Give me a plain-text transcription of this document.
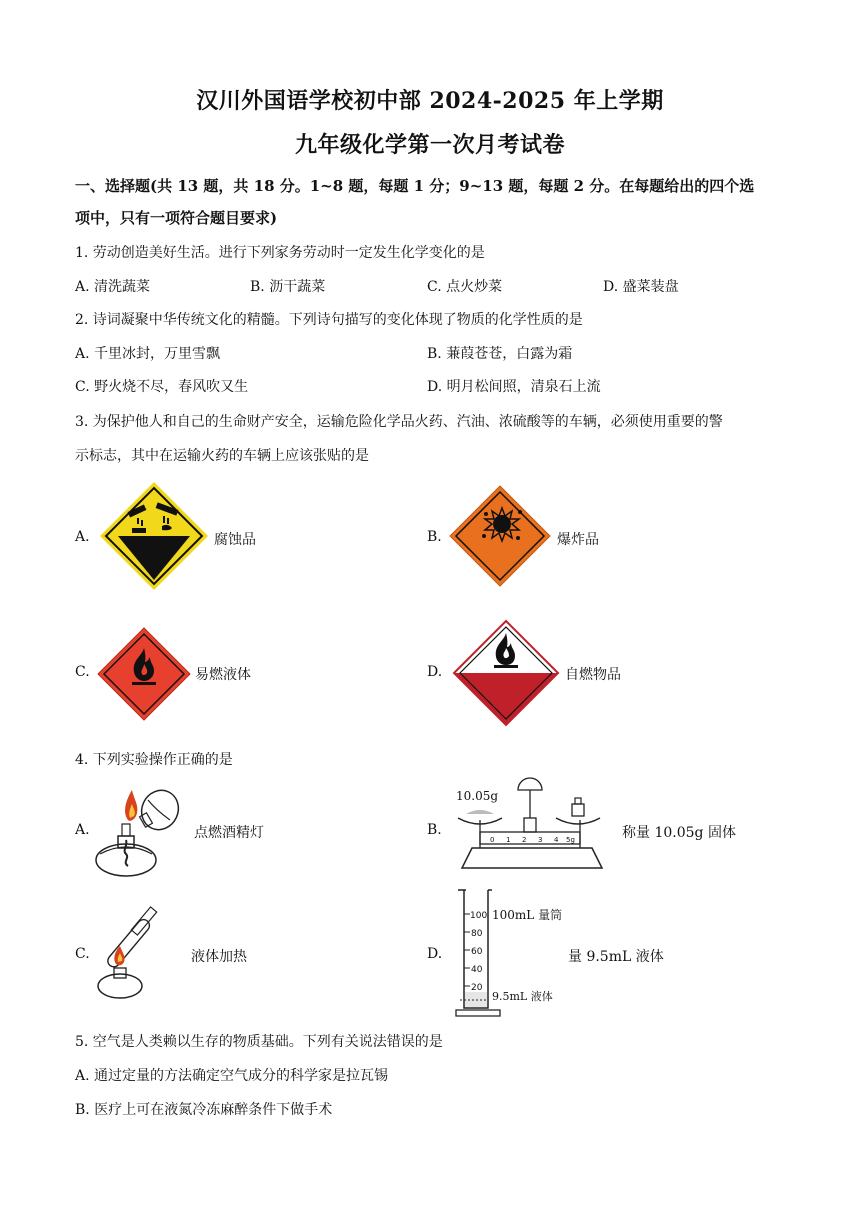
汉川外国语学校初中部 2024-2025 年上学期
九年级化学第一次月考试卷
一、选择题(共 13 题，共 18 分。1~8 题，每题 1 分；9~13 题，每题 2 分。在每题给出的四个选
项中，只有一项符合题目要求)
1. 劳动创造美好生活。进行下列家务劳动时一定发生化学变化的是
A. 清洗蔬菜	B. 沥干蔬菜	C. 点火炒菜	D. 盛菜装盘
2. 诗词凝聚中华传统文化的精髓。下列诗句描写的变化体现了物质的化学性质的是
A. 千里冰封，万里雪飘	B. 蒹葭苍苍，白露为霜
C. 野火烧不尽，春风吹又生	D. 明月松间照，清泉石上流
3. 为保护他人和自己的生命财产安全，运输危险化学品火药、汽油、浓硫酸等的车辆，必须使用重要的警
示标志，其中在运输火药的车辆上应该张贴的是
A.	腐蚀品	B.	爆炸品
C.	易燃液体	D.	自燃物品
4. 下列实验操作正确的是
A.	点燃酒精灯	B.
10.05g
0 1 2 3 4 5g	称量 10.05g 固体
C.	液体加热	D.
100
80
60
40
20
100mL 量筒
9.5mL 液体
量 9.5mL 液体
5. 空气是人类赖以生存的物质基础。下列有关说法错误的是
A. 通过定量的方法确定空气成分的科学家是拉瓦锡
B. 医疗上可在液氮冷冻麻醉条件下做手术
